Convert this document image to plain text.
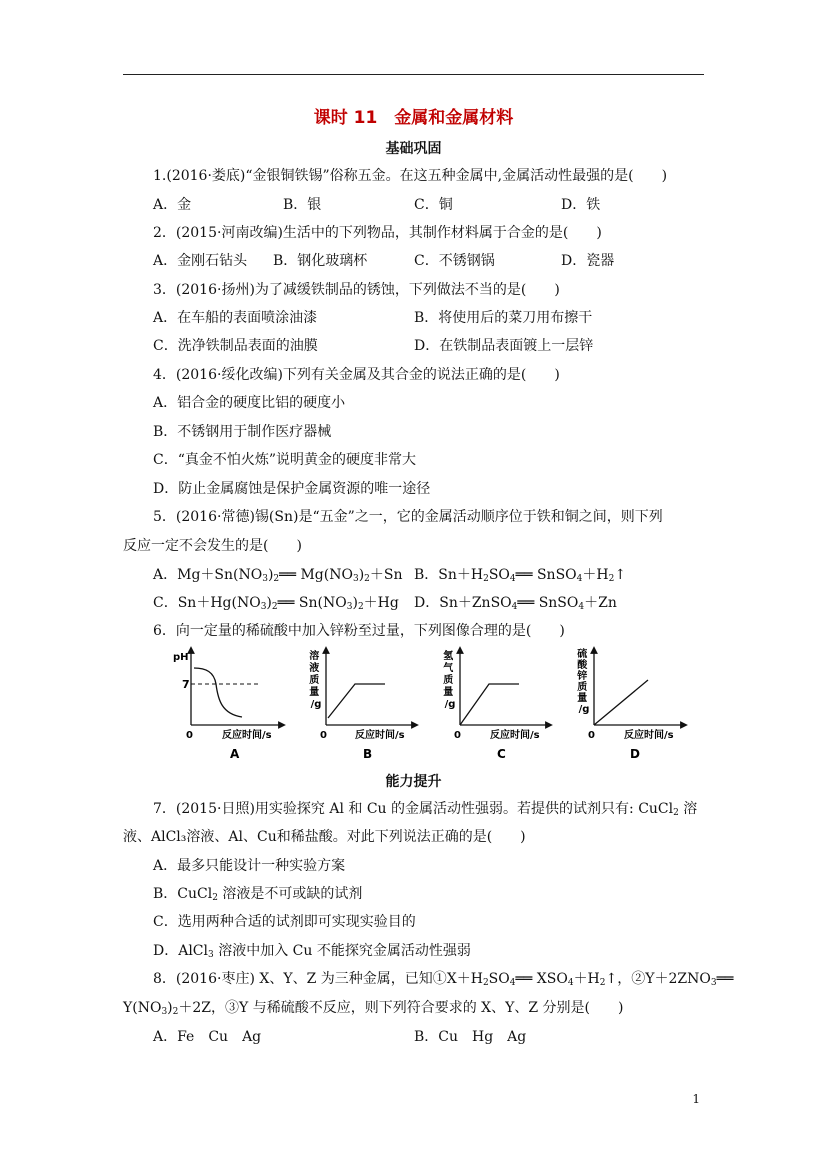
课时 11　金属和金属材料
基础巩固
1.(2016·娄底)“金银铜铁锡”俗称五金。在这五种金属中,金属活动性最强的是(　　)
A．金	B．银	C．铜	D．铁
2．(2015·河南改编)生活中的下列物品，其制作材料属于合金的是(　　)
A．金刚石钻头 B．钢化玻璃杯	C．不锈钢锅	D．瓷器
3．(2016·扬州)为了减缓铁制品的锈蚀，下列做法不当的是(　　)
A．在车船的表面喷涂油漆	B．将使用后的菜刀用布擦干
C．洗净铁制品表面的油膜	D．在铁制品表面镀上一层锌
4．(2016·绥化改编)下列有关金属及其合金的说法正确的是(　　)
A．铝合金的硬度比铝的硬度小
B．不锈钢用于制作医疗器械
C．“真金不怕火炼”说明黄金的硬度非常大
D．防止金属腐蚀是保护金属资源的唯一途径
5．(2016·常德)锡(Sn)是“五金”之一，它的金属活动顺序位于铁和铜之间，则下列
反应一定不会发生的是(　　)
A．$Mg+Sn(NO_3)_2══$ $Mg(NO_3)_2+Sn$ B．$Sn+H_2SO_4══$ $SnSO_4+H_2↑$
C．$Sn+Hg(NO_3)_2══$ $Sn(NO_3)_2+Hg$ D．Sn＋ZnSO$_4$══ SnSO$_4$＋Zn
6．向一定量的稀硫酸中加入锌粉至过量，下列图像合理的是(　　)
pH
7
0	反应时间/s
A
溶 液 质 量 /g
0	反应时间/s
B
氢 气 质 量 /g
0	反应时间/s
C
硫 酸 锌 质 量 /g
0	反应时间/s
D
能力提升
7．(2015·日照)用实验探究 Al 和 Cu 的金属活动性强弱。若提供的试剂只有: CuCl$_2$ 溶
液、AlCl₃溶液、Al、Cu和稀盐酸。对此下列说法正确的是(　　)
A．最多只能设计一种实验方案
B．CuCl$_2$ 溶液是不可或缺的试剂
C．选用两种合适的试剂即可实现实验目的
D．AlCl$_3$ 溶液中加入 Cu 不能探究金属活动性强弱
8．(2016·枣庄) X、Y、Z 为三种金属，已知$①X+H_2SO_4══$ $XSO_4+H_2↑$，$②Y+2ZNO_3══$
$Y(NO_3)_2+2Z$，③Y 与稀硫酸不反应，则下列符合要求的 X、Y、Z 分别是(　　)
A．Fe　Cu　Ag	B．Cu　Hg　Ag
1
